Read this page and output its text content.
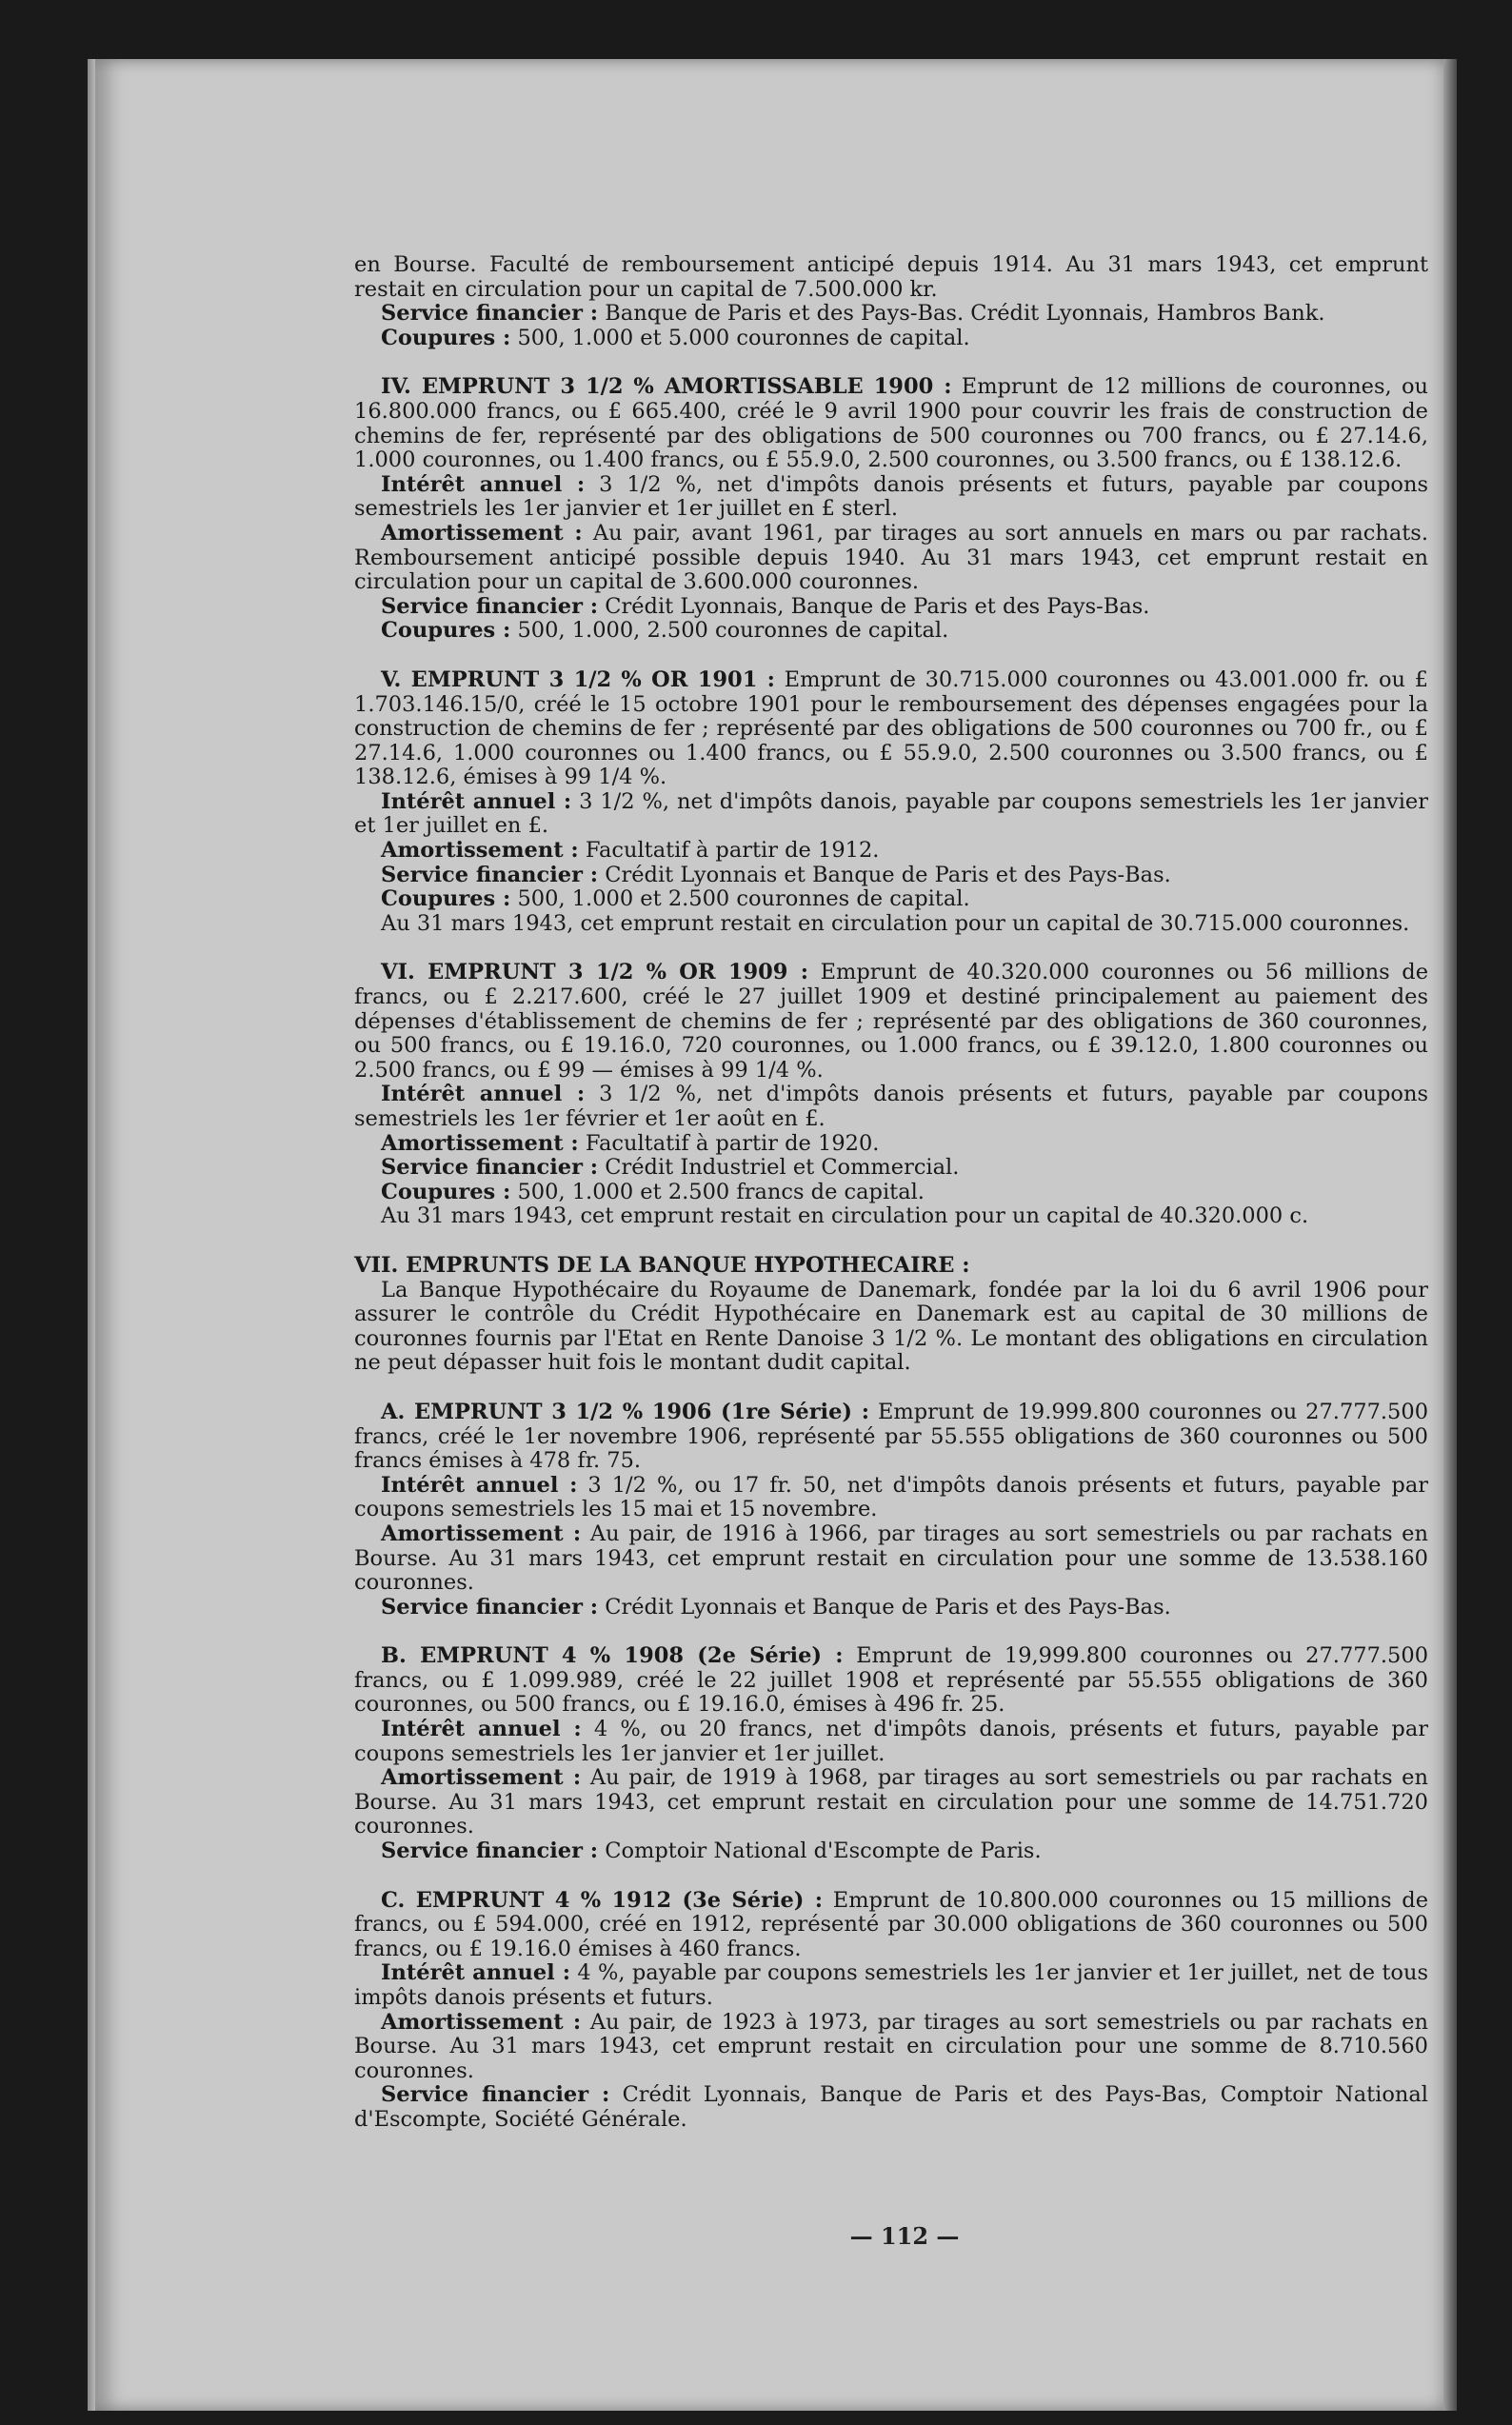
en Bourse. Faculté de remboursement anticipé depuis 1914. Au 31 mars 1943, cet emprunt restait en circulation pour un capital de 7.500.000 kr.

Service financier : Banque de Paris et des Pays-Bas. Crédit Lyonnais, Hambros Bank.

Coupures : 500, 1.000 et 5.000 couronnes de capital.

IV. EMPRUNT 3 1/2 % AMORTISSABLE 1900 : Emprunt de 12 millions de couronnes, ou 16.800.000 francs, ou £ 665.400, créé le 9 avril 1900 pour couvrir les frais de construction de chemins de fer, représenté par des obligations de 500 couronnes ou 700 francs, ou £ 27.14.6, 1.000 couronnes, ou 1.400 francs, ou £ 55.9.0, 2.500 couronnes, ou 3.500 francs, ou £ 138.12.6.

Intérêt annuel : 3 1/2 %, net d'impôts danois présents et futurs, payable par coupons semestriels les 1er janvier et 1er juillet en £ sterl.

Amortissement : Au pair, avant 1961, par tirages au sort annuels en mars ou par rachats. Remboursement anticipé possible depuis 1940. Au 31 mars 1943, cet emprunt restait en circulation pour un capital de 3.600.000 couronnes.

Service financier : Crédit Lyonnais, Banque de Paris et des Pays-Bas.

Coupures : 500, 1.000, 2.500 couronnes de capital.

V. EMPRUNT 3 1/2 % OR 1901 : Emprunt de 30.715.000 couronnes ou 43.001.000 fr. ou £ 1.703.146.15/0, créé le 15 octobre 1901 pour le remboursement des dépenses engagées pour la construction de chemins de fer ; représenté par des obligations de 500 couronnes ou 700 fr., ou £ 27.14.6, 1.000 couronnes ou 1.400 francs, ou £ 55.9.0, 2.500 couronnes ou 3.500 francs, ou £ 138.12.6, émises à 99 1/4 %.

Intérêt annuel : 3 1/2 %, net d'impôts danois, payable par coupons semestriels les 1er janvier et 1er juillet en £.

Amortissement : Facultatif à partir de 1912.

Service financier : Crédit Lyonnais et Banque de Paris et des Pays-Bas.

Coupures : 500, 1.000 et 2.500 couronnes de capital.

Au 31 mars 1943, cet emprunt restait en circulation pour un capital de 30.715.000 couronnes.

VI. EMPRUNT 3 1/2 % OR 1909 : Emprunt de 40.320.000 couronnes ou 56 millions de francs, ou £ 2.217.600, créé le 27 juillet 1909 et destiné principalement au paiement des dépenses d'établissement de chemins de fer ; représenté par des obligations de 360 couronnes, ou 500 francs, ou £ 19.16.0, 720 couronnes, ou 1.000 francs, ou £ 39.12.0, 1.800 couronnes ou 2.500 francs, ou £ 99 — émises à 99 1/4 %.

Intérêt annuel : 3 1/2 %, net d'impôts danois présents et futurs, payable par coupons semestriels les 1er février et 1er août en £.

Amortissement : Facultatif à partir de 1920.

Service financier : Crédit Industriel et Commercial.

Coupures : 500, 1.000 et 2.500 francs de capital.

Au 31 mars 1943, cet emprunt restait en circulation pour un capital de 40.320.000 c.

VII. EMPRUNTS DE LA BANQUE HYPOTHECAIRE :

La Banque Hypothécaire du Royaume de Danemark, fondée par la loi du 6 avril 1906 pour assurer le contrôle du Crédit Hypothécaire en Danemark est au capital de 30 millions de couronnes fournis par l'Etat en Rente Danoise 3 1/2 %. Le montant des obligations en circulation ne peut dépasser huit fois le montant dudit capital.

A. EMPRUNT 3 1/2 % 1906 (1re Série) : Emprunt de 19.999.800 couronnes ou 27.777.500 francs, créé le 1er novembre 1906, représenté par 55.555 obligations de 360 couronnes ou 500 francs émises à 478 fr. 75.

Intérêt annuel : 3 1/2 %, ou 17 fr. 50, net d'impôts danois présents et futurs, payable par coupons semestriels les 15 mai et 15 novembre.

Amortissement : Au pair, de 1916 à 1966, par tirages au sort semestriels ou par rachats en Bourse. Au 31 mars 1943, cet emprunt restait en circulation pour une somme de 13.538.160 couronnes.

Service financier : Crédit Lyonnais et Banque de Paris et des Pays-Bas.

B. EMPRUNT 4 % 1908 (2e Série) : Emprunt de 19,999.800 couronnes ou 27.777.500 francs, ou £ 1.099.989, créé le 22 juillet 1908 et représenté par 55.555 obligations de 360 couronnes, ou 500 francs, ou £ 19.16.0, émises à 496 fr. 25.

Intérêt annuel : 4 %, ou 20 francs, net d'impôts danois, présents et futurs, payable par coupons semestriels les 1er janvier et 1er juillet.

Amortissement : Au pair, de 1919 à 1968, par tirages au sort semestriels ou par rachats en Bourse. Au 31 mars 1943, cet emprunt restait en circulation pour une somme de 14.751.720 couronnes.

Service financier : Comptoir National d'Escompte de Paris.

C. EMPRUNT 4 % 1912 (3e Série) : Emprunt de 10.800.000 couronnes ou 15 millions de francs, ou £ 594.000, créé en 1912, représenté par 30.000 obligations de 360 couronnes ou 500 francs, ou £ 19.16.0 émises à 460 francs.

Intérêt annuel : 4 %, payable par coupons semestriels les 1er janvier et 1er juillet, net de tous impôts danois présents et futurs.

Amortissement : Au pair, de 1923 à 1973, par tirages au sort semestriels ou par rachats en Bourse. Au 31 mars 1943, cet emprunt restait en circulation pour une somme de 8.710.560 couronnes.

Service financier : Crédit Lyonnais, Banque de Paris et des Pays-Bas, Comptoir National d'Escompte, Société Générale.

— 112 —
